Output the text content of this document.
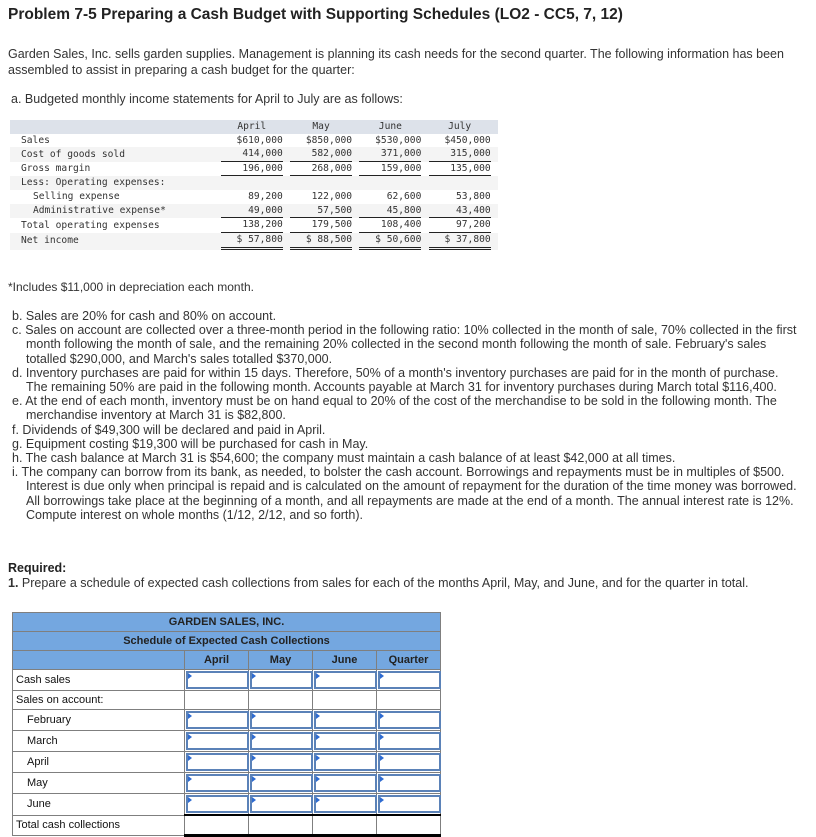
Problem 7-5 Preparing a Cash Budget with Supporting Schedules (LO2 - CC5, 7, 12)
Garden Sales, Inc. sells garden supplies. Management is planning its cash needs for the second quarter. The following information has been assembled to assist in preparing a cash budget for the quarter:
a. Budgeted monthly income statements for April to July are as follows:
	April		May		June		July	
Sales	$610,000		$850,000		$530,000		$450,000	
Cost of goods sold	414,000		582,000		371,000		315,000	
Gross margin	196,000		268,000		159,000		135,000	
Less: Operating expenses:								
Selling expense	89,200		122,000		62,600		53,800	
Administrative expense*	49,000		57,500		45,800		43,400	
Total operating expenses	138,200		179,500		108,400		97,200	
Net income	$ 57,800		$ 88,500		$ 50,600		$ 37,800	
*Includes $11,000 in depreciation each month.

b. Sales are 20% for cash and 80% on account.

c. Sales on account are collected over a three-month period in the following ratio: 10% collected in the month of sale, 70% collected in the first month following the month of sale, and the remaining 20% collected in the second month following the month of sale. February's sales totalled $290,000, and March's sales totalled $370,000.

d. Inventory purchases are paid for within 15 days. Therefore, 50% of a month's inventory purchases are paid for in the month of purchase. The remaining 50% are paid in the following month. Accounts payable at March 31 for inventory purchases during March total $116,400.

e. At the end of each month, inventory must be on hand equal to 20% of the cost of the merchandise to be sold in the following month. The merchandise inventory at March 31 is $82,800.

f. Dividends of $49,300 will be declared and paid in April.

g. Equipment costing $19,300 will be purchased for cash in May.

h. The cash balance at March 31 is $54,600; the company must maintain a cash balance of at least $42,000 at all times.

i. The company can borrow from its bank, as needed, to bolster the cash account. Borrowings and repayments must be in multiples of $500. Interest is due only when principal is repaid and is calculated on the amount of repayment for the duration of the time money was borrowed. All borrowings take place at the beginning of a month, and all repayments are made at the end of a month. The annual interest rate is 12%. Compute interest on whole months (1/12, 2/12, and so forth).

Required:
1. Prepare a schedule of expected cash collections from sales for each of the months April, May, and June, and for the quarter in total.
GARDEN SALES, INC.				
Schedule of Expected Cash Collections				
	April	May	June	Quarter
Cash sales	

Sales on account:				
February	

March	

April	

May	

June	

Total cash collections				
